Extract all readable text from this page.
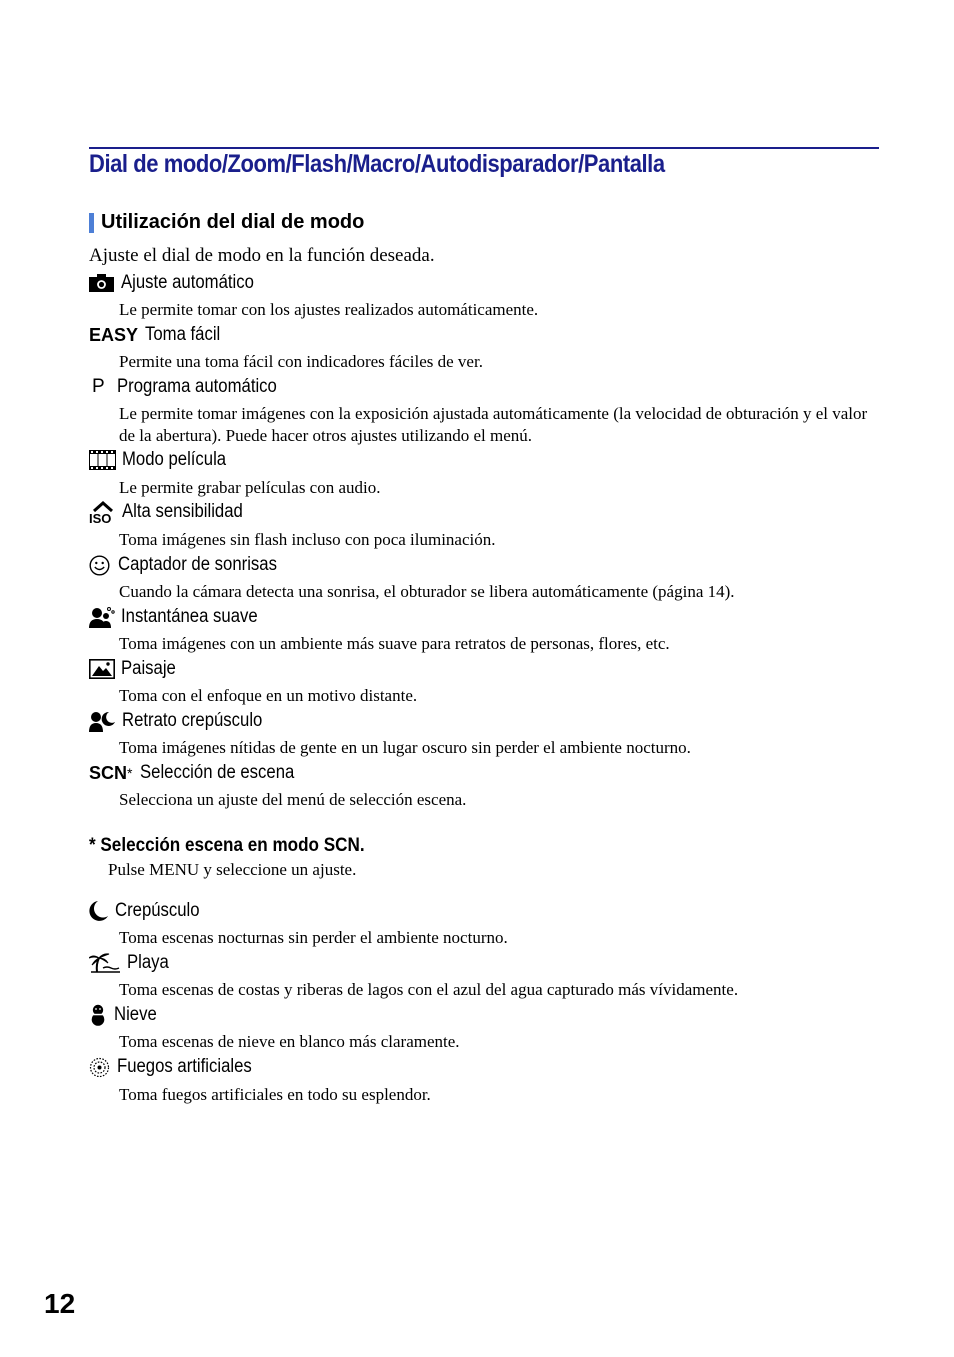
Dial de modo/Zoom/Flash/Macro/Autodisparador/Pantalla
Utilización del dial de modo
Ajuste el dial de modo en la función deseada.
Ajuste automático
Le permite tomar con los ajustes realizados automáticamente.
EASY Toma fácil
Permite una toma fácil con indicadores fáciles de ver.
P Programa automático
Le permite tomar imágenes con la exposición ajustada automáticamente (la velocidad de obturación y el valor de la abertura). Puede hacer otros ajustes utilizando el menú.
Modo película
Le permite grabar películas con audio.
ISO Alta sensibilidad
Toma imágenes sin flash incluso con poca iluminación.
Captador de sonrisas
Cuando la cámara detecta una sonrisa, el obturador se libera automáticamente (página 14).
Instantánea suave
Toma imágenes con un ambiente más suave para retratos de personas, flores, etc.
Paisaje
Toma con el enfoque en un motivo distante.
Retrato crepúsculo
Toma imágenes nítidas de gente en un lugar oscuro sin perder el ambiente nocturno.
SCN * Selección de escena
Selecciona un ajuste del menú de selección escena.
* Selección escena en modo SCN.
Pulse MENU y seleccione un ajuste.
Crepúsculo
Toma escenas nocturnas sin perder el ambiente nocturno.
Playa
Toma escenas de costas y riberas de lagos con el azul del agua capturado más vívidamente.
Nieve
Toma escenas de nieve en blanco más claramente.
Fuegos artificiales
Toma fuegos artificiales en todo su esplendor.
12
